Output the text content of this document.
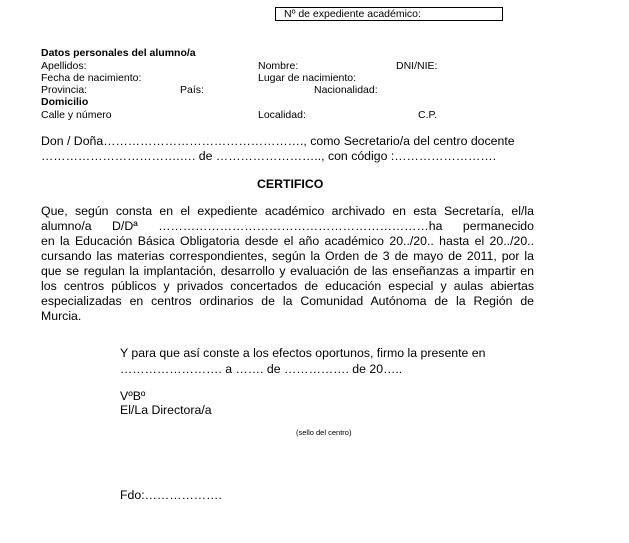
Nº de expediente académico:
Datos personales del alumno/a
Apellidos:	Nombre:	DNI/NIE:
Fecha de nacimiento:	Lugar de nacimiento:
Provincia:	País:	Nacionalidad:
Domicilio
Calle y número	Localidad:	C.P.
Don / Doña…………………………………………., como Secretario/a del centro docente
…………………………….…. de …………………….., con código :…………………….
CERTIFICO
Que, según consta en el expediente académico archivado en esta Secretaría, el/la
alumno/a D/Dª …………………………………………………………ha permanecido
en la Educación Básica Obligatoria desde el año académico 20../20.. hasta el 20../20..
cursando las materias correspondientes, según la Orden de 3 de mayo de 2011, por la
que se regulan la implantación, desarrollo y evaluación de las enseñanzas a impartir en
los centros públicos y privados concertados de educación especial y aulas abiertas
especializadas en centros ordinarios de la Comunidad Autónoma de la Región de
Murcia.
Y para que así conste a los efectos oportunos, firmo la presente en
……………………. a ……. de ……………. de 20…..
VºBº
El/La Directora/a
(sello del centro)
Fdo:……………….
